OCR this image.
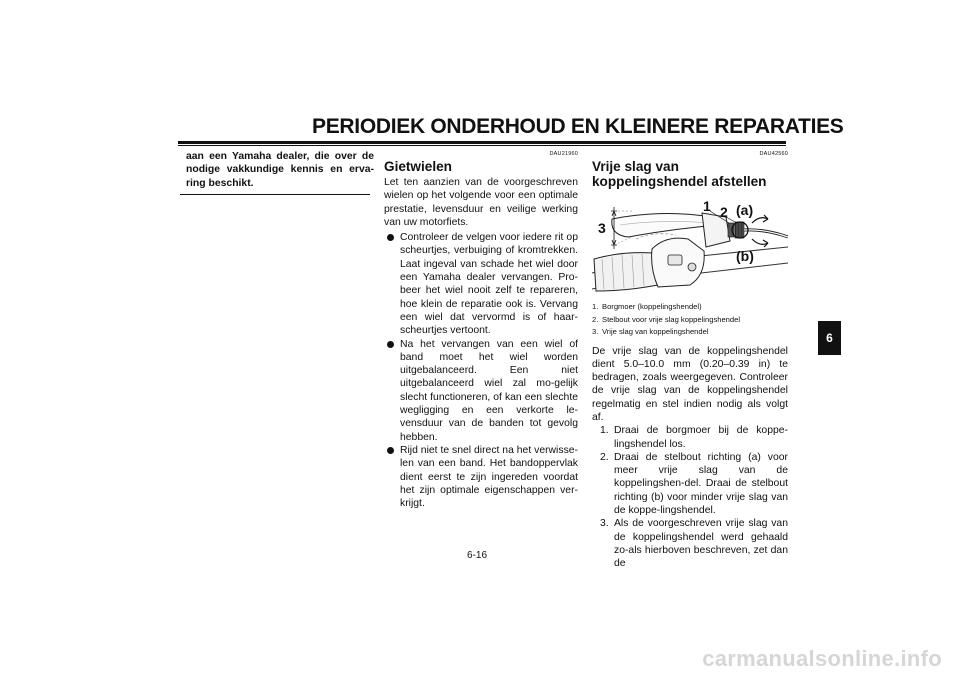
PERIODIEK ONDERHOUD EN KLEINERE REPARATIES

aan een Yamaha dealer, die over de nodige vakkundige kennis en erva-ring beschikt.

DAU21960
Gietwielen

Let ten aanzien van de voorgeschreven wielen op het volgende voor een optimale prestatie, levensduur en veilige werking van uw motorfiets.

Controleer de velgen voor iedere rit op scheurtjes, verbuiging of kromtrekken. Laat ingeval van schade het wiel door een Yamaha dealer vervangen. Pro-beer het wiel nooit zelf te repareren, hoe klein de reparatie ook is. Vervang een wiel dat vervormd is of haar-scheurtjes vertoont.
Na het vervangen van een wiel of band moet het wiel worden uitgebalanceerd. Een niet uitgebalanceerd wiel zal mo-gelijk slecht functioneren, of kan een slechte wegligging en een verkorte le-vensduur van de banden tot gevolg hebben.
Rijd niet te snel direct na het verwisse-len van een band. Het bandoppervlak dient eerst te zijn ingereden voordat het zijn optimale eigenschappen ver-krijgt.
DAU42560
Vrije slag van koppelingshendel afstellen
1 2
3
(a)
(b)
1. Borgmoer (koppelingshendel)
2. Stelbout voor vrije slag koppelingshendel
3. Vrije slag van koppelingshendel

De vrije slag van de koppelingshendel dient 5.0–10.0 mm (0.20–0.39 in) te bedragen, zoals weergegeven. Controleer de vrije slag van de koppelingshendel regelmatig en stel indien nodig als volgt af.

1. Draai de borgmoer bij de koppe-lingshendel los.
2. Draai de stelbout richting (a) voor meer vrije slag van de koppelingshen-del. Draai de stelbout richting (b) voor minder vrije slag van de koppe-lingshendel.
3. Als de voorgeschreven vrije slag van de koppelingshendel werd gehaald zo-als hierboven beschreven, zet dan de
6
6-16
carmanualsonline.info
